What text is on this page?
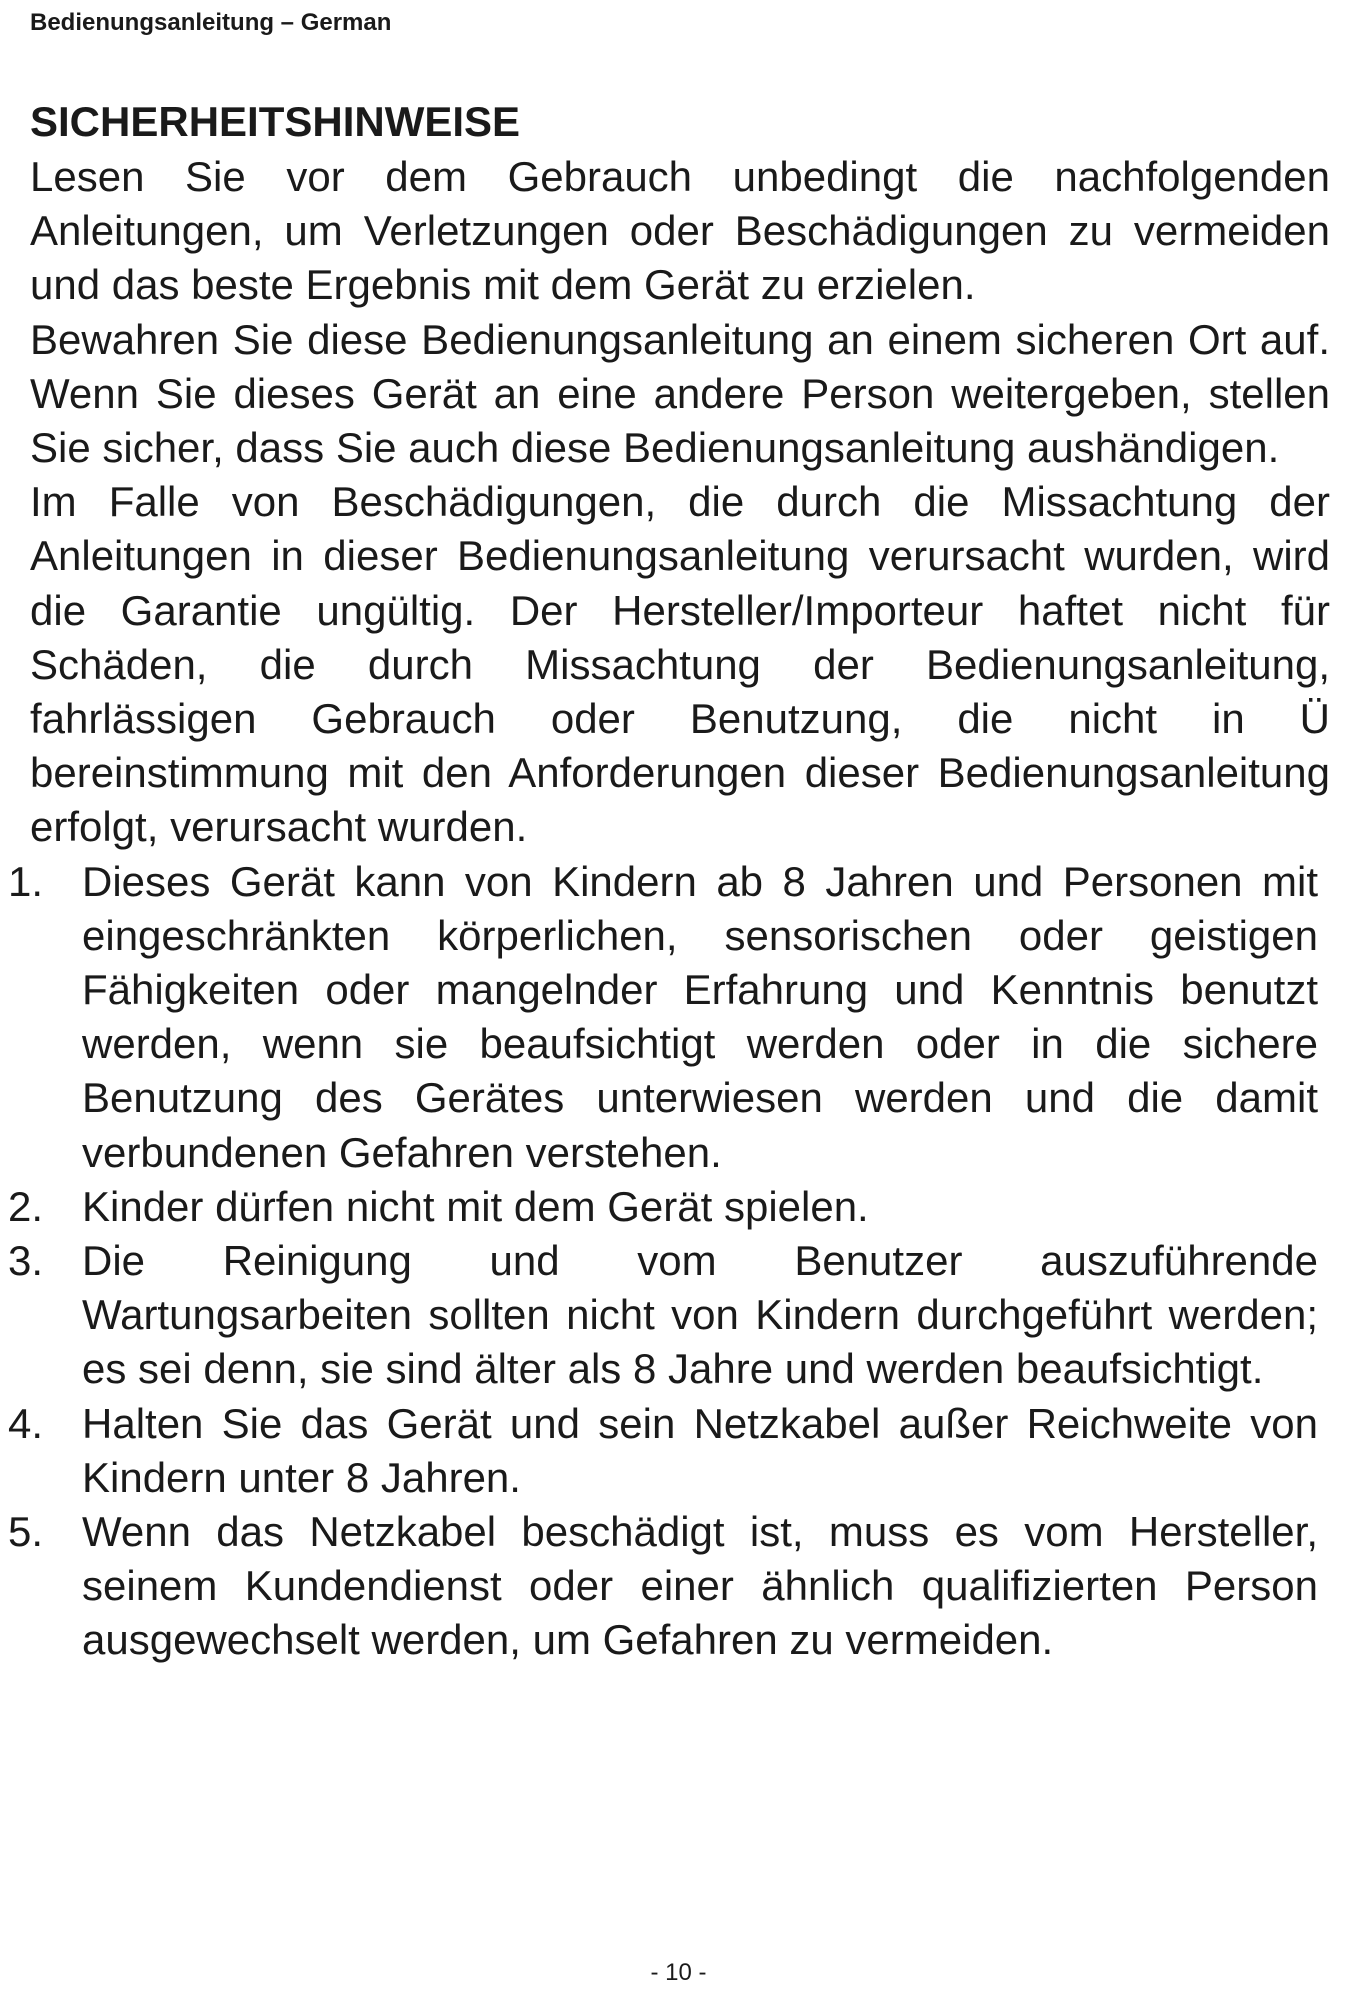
Bedienungsanleitung – German
SICHERHEITSHINWEISE

Lesen Sie vor dem Gebrauch unbedingt die nachfolgenden Anleitungen, um Verletzungen oder Beschädigungen zu vermeiden und das beste Ergebnis mit dem Gerät zu erzielen.

Bewahren Sie diese Bedienungsanleitung an einem sicheren Ort auf. Wenn Sie dieses Gerät an eine andere Person weitergeben, stellen Sie sicher, dass Sie auch diese Bedienungsanleitung aushändigen.

Im Falle von Beschädigungen, die durch die Missachtung der Anleitungen in dieser Bedienungsanleitung verursacht wurden, wird die Garantie ungültig. Der Hersteller/Importeur haftet nicht für Schäden, die durch Missachtung der Bedienungsanleitung, fahrlässigen Gebrauch oder Benutzung, die nicht in Ü bereinstimmung mit den Anforderungen dieser Bedienungsanleitung erfolgt, verursacht wurden.

1. Dieses Gerät kann von Kindern ab 8 Jahren und Personen mit eingeschränkten körperlichen, sensorischen oder geistigen Fähigkeiten oder mangelnder Erfahrung und Kenntnis benutzt werden, wenn sie beaufsichtigt werden oder in die sichere Benutzung des Gerätes unterwiesen werden und die damit verbundenen Gefahren verstehen.
2. Kinder dürfen nicht mit dem Gerät spielen.
3. Die Reinigung und vom Benutzer auszuführende Wartungsarbeiten sollten nicht von Kindern durchgeführt werden; es sei denn, sie sind älter als 8 Jahre und werden beaufsichtigt.
4. Halten Sie das Gerät und sein Netzkabel außer Reichweite von Kindern unter 8 Jahren.
5. Wenn das Netzkabel beschädigt ist, muss es vom Hersteller, seinem Kundendienst oder einer ähnlich qualifizierten Person ausgewechselt werden, um Gefahren zu vermeiden.
- 10 -
